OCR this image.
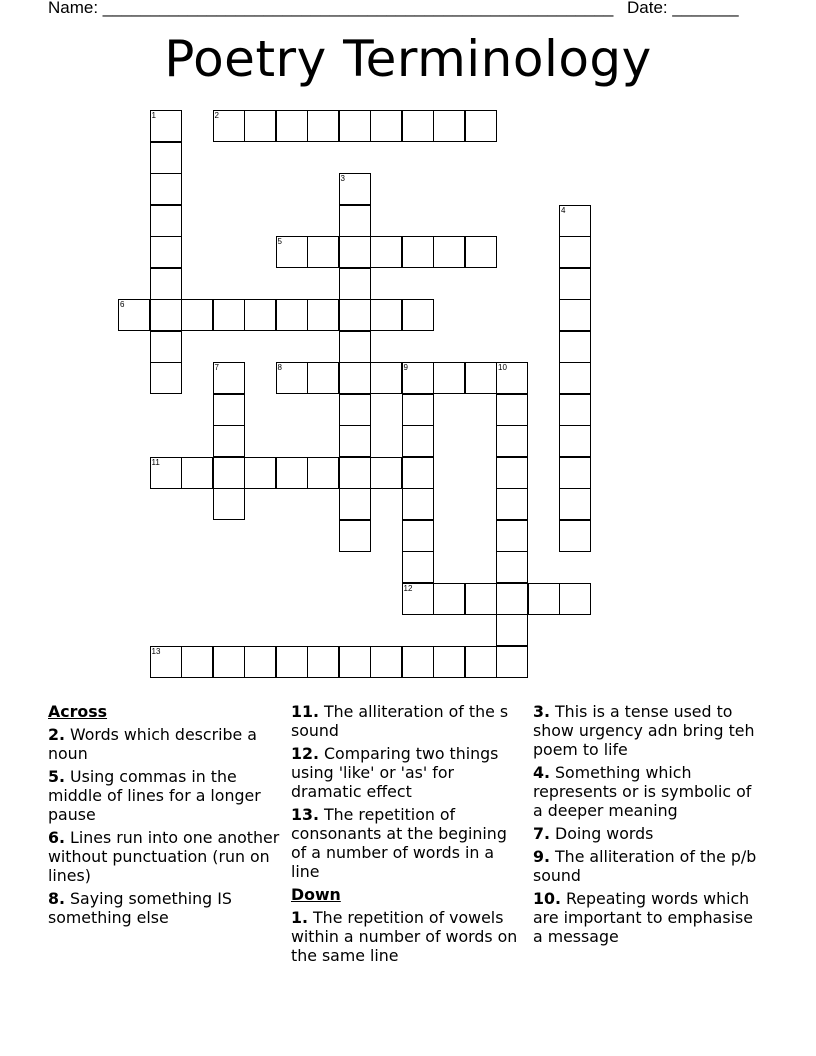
Name: ______________________________________________________ Date: _______
Poetry Terminology
1	2
3
4
5
6
7	8	9	10
12
11
13
Across
2. Words which describe a noun
5. Using commas in the middle of lines for a longer pause
6. Lines run into one another without punctuation (run on lines)
8. Saying something IS something else
11. The alliteration of the s sound
12. Comparing two things using 'like' or 'as' for dramatic effect
13. The repetition of consonants at the begining of a number of words in a line
Down
1. The repetition of vowels within a number of words on the same line
3. This is a tense used to show urgency adn bring teh poem to life
4. Something which represents or is symbolic of a deeper meaning
7. Doing words
9. The alliteration of the p/b sound
10. Repeating words which are important to emphasise a message
